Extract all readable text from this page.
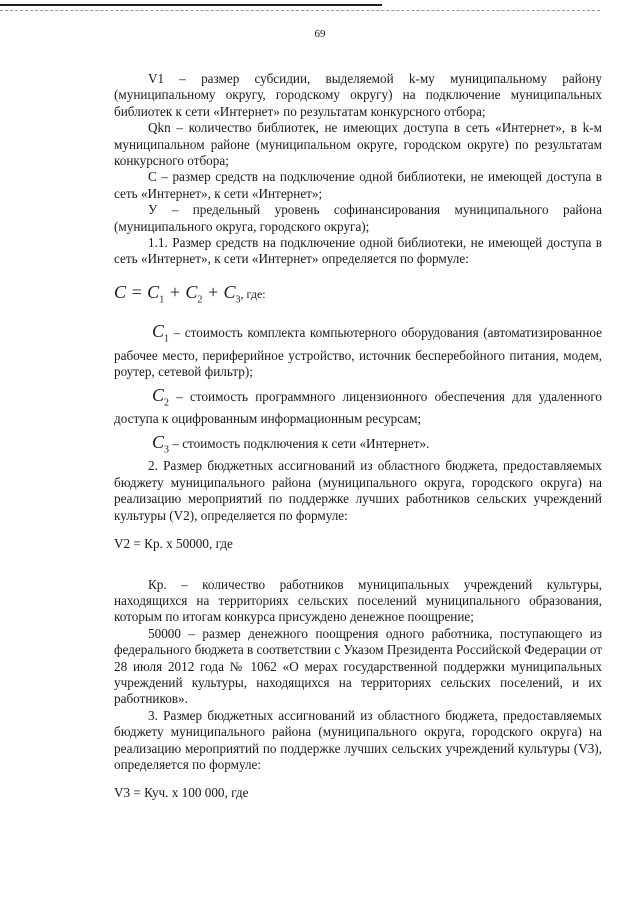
69

V1 – размер субсидии, выделяемой k-му муниципальному району (муниципальному округу, городскому округу) на подключение муниципальных библиотек к сети «Интернет» по результатам конкурсного отбора;

Qkn – количество библиотек, не имеющих доступа в сеть «Интернет», в k-м муниципальном районе (муниципальном округе, городском округе) по результатам конкурсного отбора;

С – размер средств на подключение одной библиотеки, не имеющей доступа в сеть «Интернет», к сети «Интернет»;

У – предельный уровень софинансирования муниципального района (муниципального округа, городского округа);

1.1. Размер средств на подключение одной библиотеки, не имеющей доступа в сеть «Интернет», к сети «Интернет» определяется по формуле:

$C = C_1 + C_2 + C_3$, где:

$C_1$ – стоимость комплекта компьютерного оборудования (автоматизированное рабочее место, периферийное устройство, источник бесперебойного питания, модем, роутер, сетевой фильтр);

$C_2$ – стоимость программного лицензионного обеспечения для удаленного доступа к оцифрованным информационным ресурсам;

$C_3$ – стоимость подключения к сети «Интернет».

2. Размер бюджетных ассигнований из областного бюджета, предоставляемых бюджету муниципального района (муниципального округа, городского округа) на реализацию мероприятий по поддержке лучших работников сельских учреждений культуры (V2), определяется по формуле:

V2 = Кр. х 50000, где

Кр. – количество работников муниципальных учреждений культуры, находящихся на территориях сельских поселений муниципального образования, которым по итогам конкурса присуждено денежное поощрение;

50000 – размер денежного поощрения одного работника, поступающего из федерального бюджета в соответствии с Указом Президента Российской Федерации от 28 июля 2012 года № 1062 «О мерах государственной поддержки муниципальных учреждений культуры, находящихся на территориях сельских поселений, и их работников».

3. Размер бюджетных ассигнований из областного бюджета, предоставляемых бюджету муниципального района (муниципального округа, городского округа) на реализацию мероприятий по поддержке лучших сельских учреждений культуры (V3), определяется по формуле:

V3 = Куч. х 100 000, где
